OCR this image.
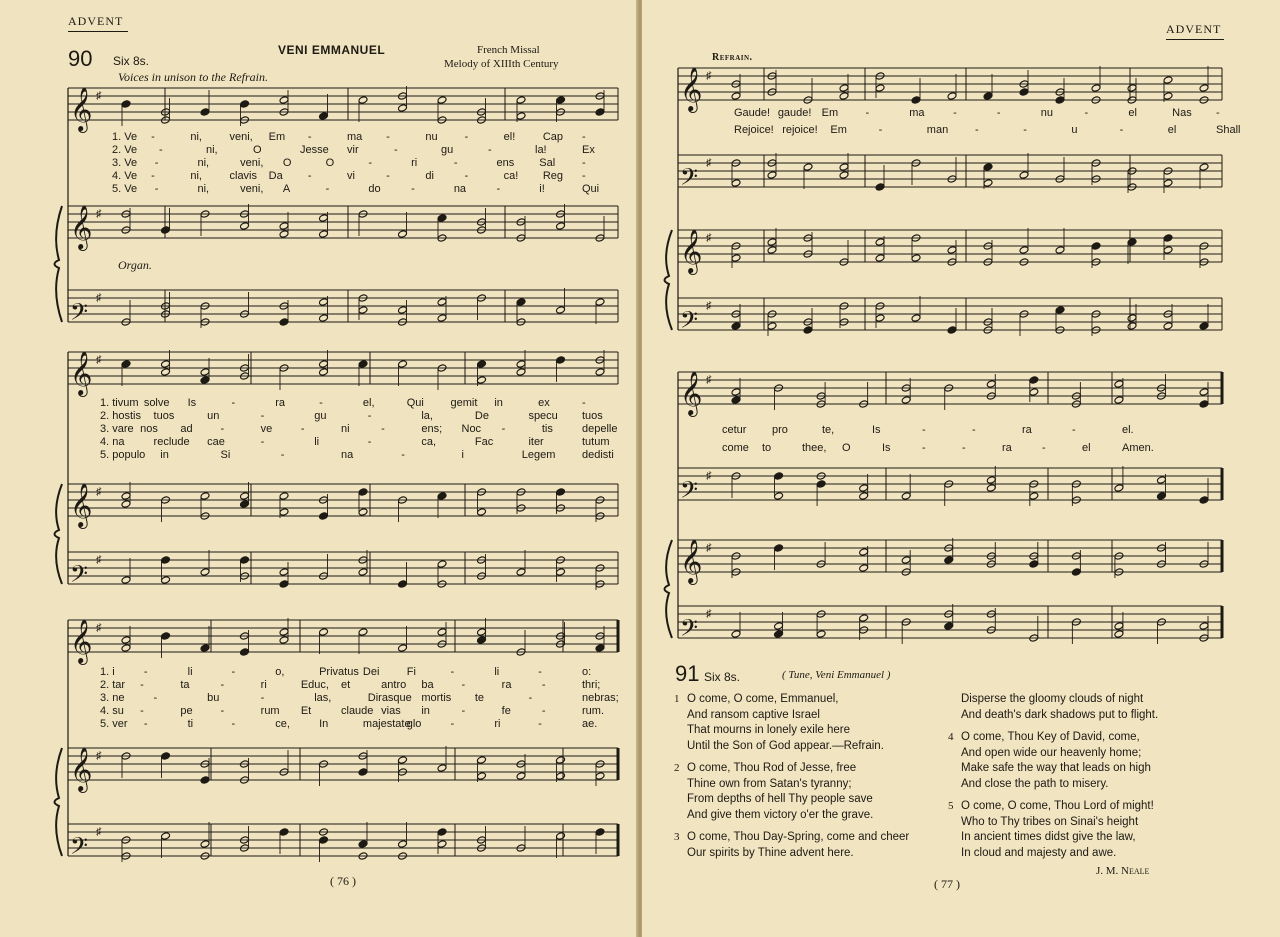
ADVENT
90 Six 8s.
VENI EMMANUEL	French Missal
Melody of XIIIth Century
Voices in unison to the Refrain.
Organ.
𝄞 ♯
𝄞 ♯
𝄢 ♯
𝄞 ♯
𝄞 ♯
𝄢 ♯
𝄞 ♯
𝄞 ♯
𝄢 ♯
1. Ve -	ni,	veni, Em -	ma -	nu -	el!	Cap -
2. Ve -	ni,	O	Jesse vir	-	gu	-	la!	Ex
3. Ve -	ni,	veni, O	O	-	ri	-	ens Sal -
4. Ve -	ni,	clavis Da -	vi	-	di	-	ca! Reg -
5. Ve -	ni,	veni, A	-	do	-	na	-	i!	Qui
1. tivum solve Is	-	ra	-	el,	Qui gemit in	ex	-
2. hostis tuos	un	-	gu	-	la,	De	specu tuos
3. vare nos ad	-	ve	-	ni	-	ens; Noc -	tis	depelle
4. na	reclude cae	-	li	-	ca,	Fac	iter	tutum
5. populo in	Si	-	na	-	i	Legem dedisti
1. i	-	li	-	o,	Privatus Dei Fi	-	li	-	o:
2. tar -	ta	-	ri	Educ, et	antro ba	-	ra	-	thri;
3. ne	-	bu	-	las,	Dirasque mortis te	-	nebras;
4. su -	pe	-	rum Et	claude vias in	-	fe	-	rum.
5. ver -	ti	-	ce,	In	majestate
glo	-	ri	-	ae.
( 76 )
ADVENT
Refrain.
𝄞 ♯
𝄢 ♯
𝄞 ♯
𝄢 ♯
𝄞 ♯
𝄢 ♯
𝄞 ♯
𝄢 ♯
Gaude! gaude! Em -	ma	-	-	nu	-	el	Nas -
Rejoice! rejoice! Em	-	man -	-	u	-	el	Shall
cetur pro	te,	Is	-	-	ra	-	el.
come to	thee, O	Is	-	-	ra	-	el	Amen.
91 Six 8s.	( Tune, Veni Emmanuel )
1 O come, O come, Emmanuel,
And ransom captive Israel
That mourns in lonely exile here
Until the Son of God appear.—Refrain.
2 O come, Thou Rod of Jesse, free
Thine own from Satan's tyranny;
From depths of hell Thy people save
And give them victory o'er the grave.
3 O come, Thou Day-Spring, come and cheer
Our spirits by Thine advent here.
Disperse the gloomy clouds of night
And death's dark shadows put to flight.
4 O come, Thou Key of David, come,
And open wide our heavenly home;
Make safe the way that leads on high
And close the path to misery.
5 O come, O come, Thou Lord of might!
Who to Thy tribes on Sinai's height
In ancient times didst give the law,
In cloud and majesty and awe.
J. M. Neale
( 77 )
